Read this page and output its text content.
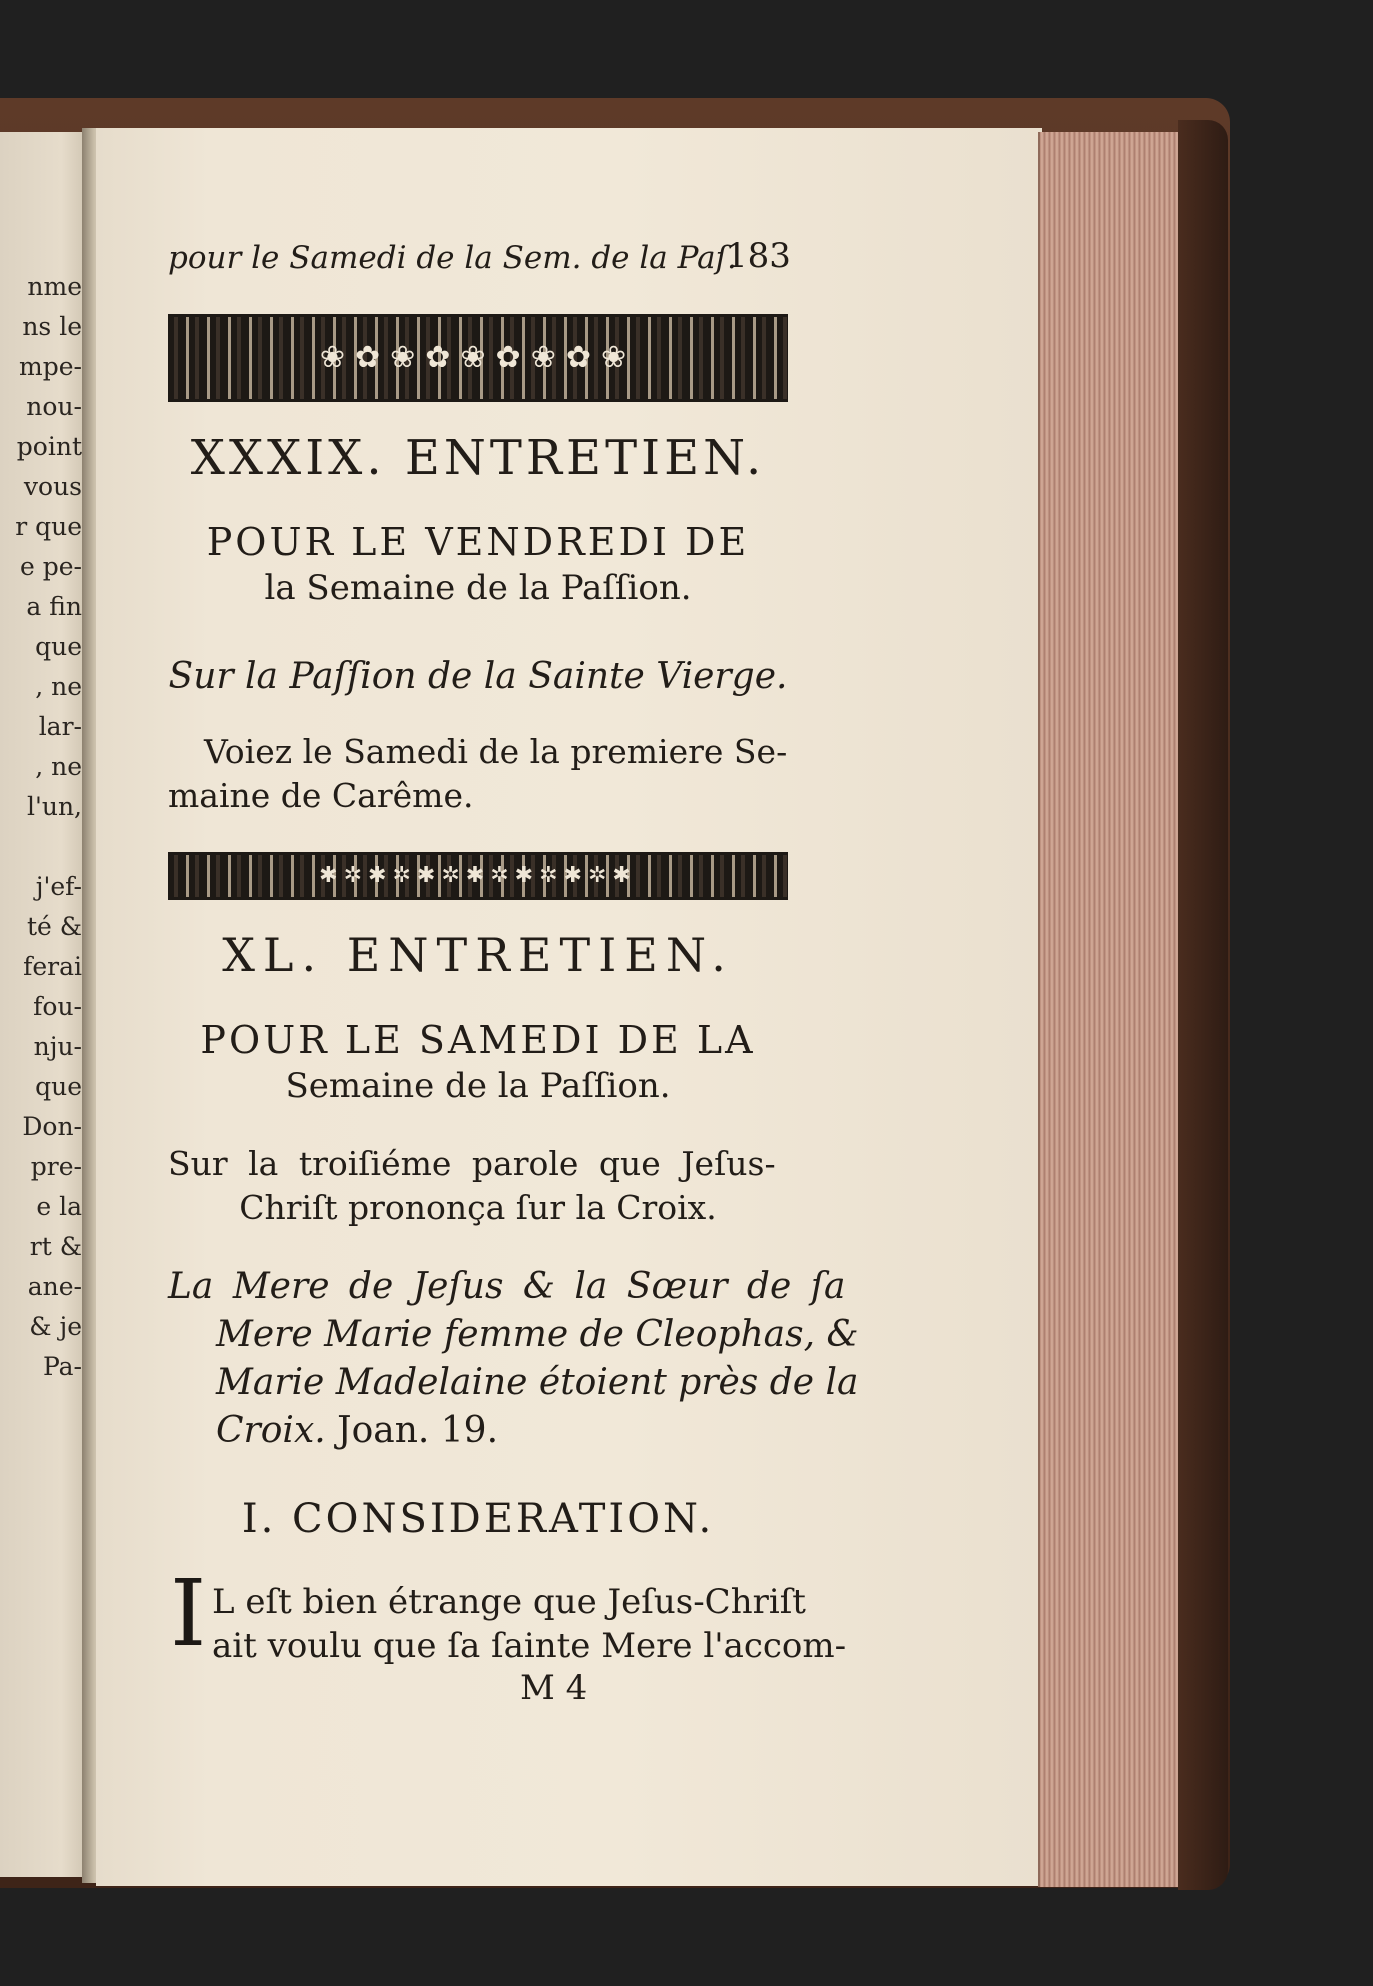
nme
ns le
mpe-
nou-
point
vous
r que
e pe-
a fin
que
, ne
lar-
, ne
l'un,
j'ef-
té &
ferai
fou-
nju-
que
Don-
pre-
e la
rt &
ane-
& je
Pa-
pour le Samedi de la Sem. de la Paſ.
183
❀✿❀✿❀✿❀✿❀
XXXIX. ENTRETIEN.
POUR LE VENDREDI DE
la Semaine de la Paſſion.
Sur la Paſſion de la Sainte Vierge.
Voiez le Samedi de la premiere Se-
maine de Carême.
✱✲✱✲✱✲✱✲✱✲✱✲✱
XL. ENTRETIEN.
POUR LE SAMEDI DE LA
Semaine de la Paſſion.
Sur la troiſiéme parole que Jeſus-
Chriſt prononça ſur la Croix.
La Mere de Jeſus & la Sœur de ſa
Mere Marie femme de Cleophas, &
Marie Madelaine étoient près de la
Croix. Joan. 19.
I. CONSIDERATION.
I L eſt bien étrange que Jeſus-Chriſt
ait voulu que ſa ſainte Mere l'accom-
M 4
